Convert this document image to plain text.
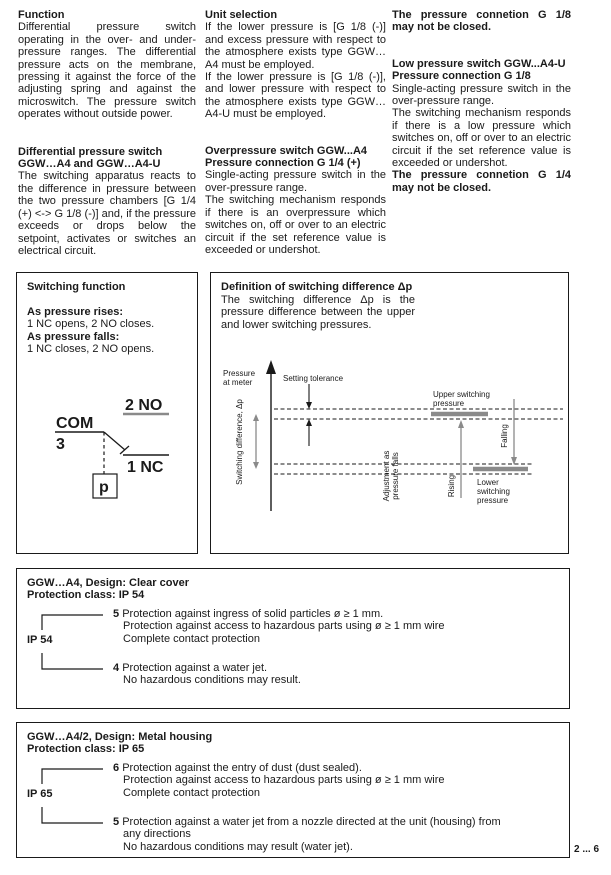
Function

Differential pressure switch operating in the over- and under-pressure ranges. The differential pressure acts on the membrane, pressing it against the force of the adjusting spring and against the microswitch. The pressure switch operates without outside power.

Differential pressure switch

GGW…A4 and GGW…A4-U

The switching apparatus reacts to the difference in pressure between the two pressure chambers [G 1/4 (+) <-> G 1/8 (-)] and, if the pressure exceeds or drops below the setpoint, activates or switches an electrical circuit.

Unit selection

If the lower pressure is [G 1/8 (-)] and excess pressure with respect to the atmosphere exists type GGW…A4 must be employed.

If the lower pressure is [G 1/8 (-)], and lower pressure with respect to the atmosphere exists type GGW…A4-U must be employed.

Overpressure switch GGW...A4

Pressure connection G 1/4 (+)

Single-acting pressure switch in the over-pressure range.

The switching mechanism responds if there is an overpressure which switches on, off or over to an electric circuit if the set reference value is exceeded or undershot.

The pressure connetion G 1/8 may not be closed.

Low pressure switch GGW...A4-U

Pressure connection G 1/8

Single-acting pressure switch in the over-pressure range.

The switching mechanism responds if there is a low pressure which switches on, off or over to an electric circuit if the set reference value is exceeded or undershot.

The pressure connetion G 1/4 may not be closed.

Switching function
As pressure rises:
1 NC opens, 2 NO closes.
As pressure falls:
1 NC closes, 2 NO opens.
2 NO
COM
3
1 NC
p
Definition of switching difference Δp
The switching difference Δp is the pressure difference between the upper and lower switching pressures.
Pressure
at meter	Setting tolerance
Switching difference, Δp
Rising
Falling
Adjustment as pressure falls
Upper switching
pressure
Lower
switching
pressure
GGW…A4, Design: Clear cover
Protection class: IP 54
IP 54
5 Protection against ingress of solid particles ø ≥ 1 mm.
Protection against access to hazardous parts using ø ≥ 1 mm wire
Complete contact protection
4 Protection against a water jet.
No hazardous conditions may result.
GGW…A4/2, Design: Metal housing
Protection class: IP 65
IP 65
6 Protection against the entry of dust (dust sealed).
Protection against access to hazardous parts using ø ≥ 1 mm wire
Complete contact protection
5 Protection against a water jet from a nozzle directed at the unit (housing) from
any directions
No hazardous conditions may result (water jet).	2 ... 6
